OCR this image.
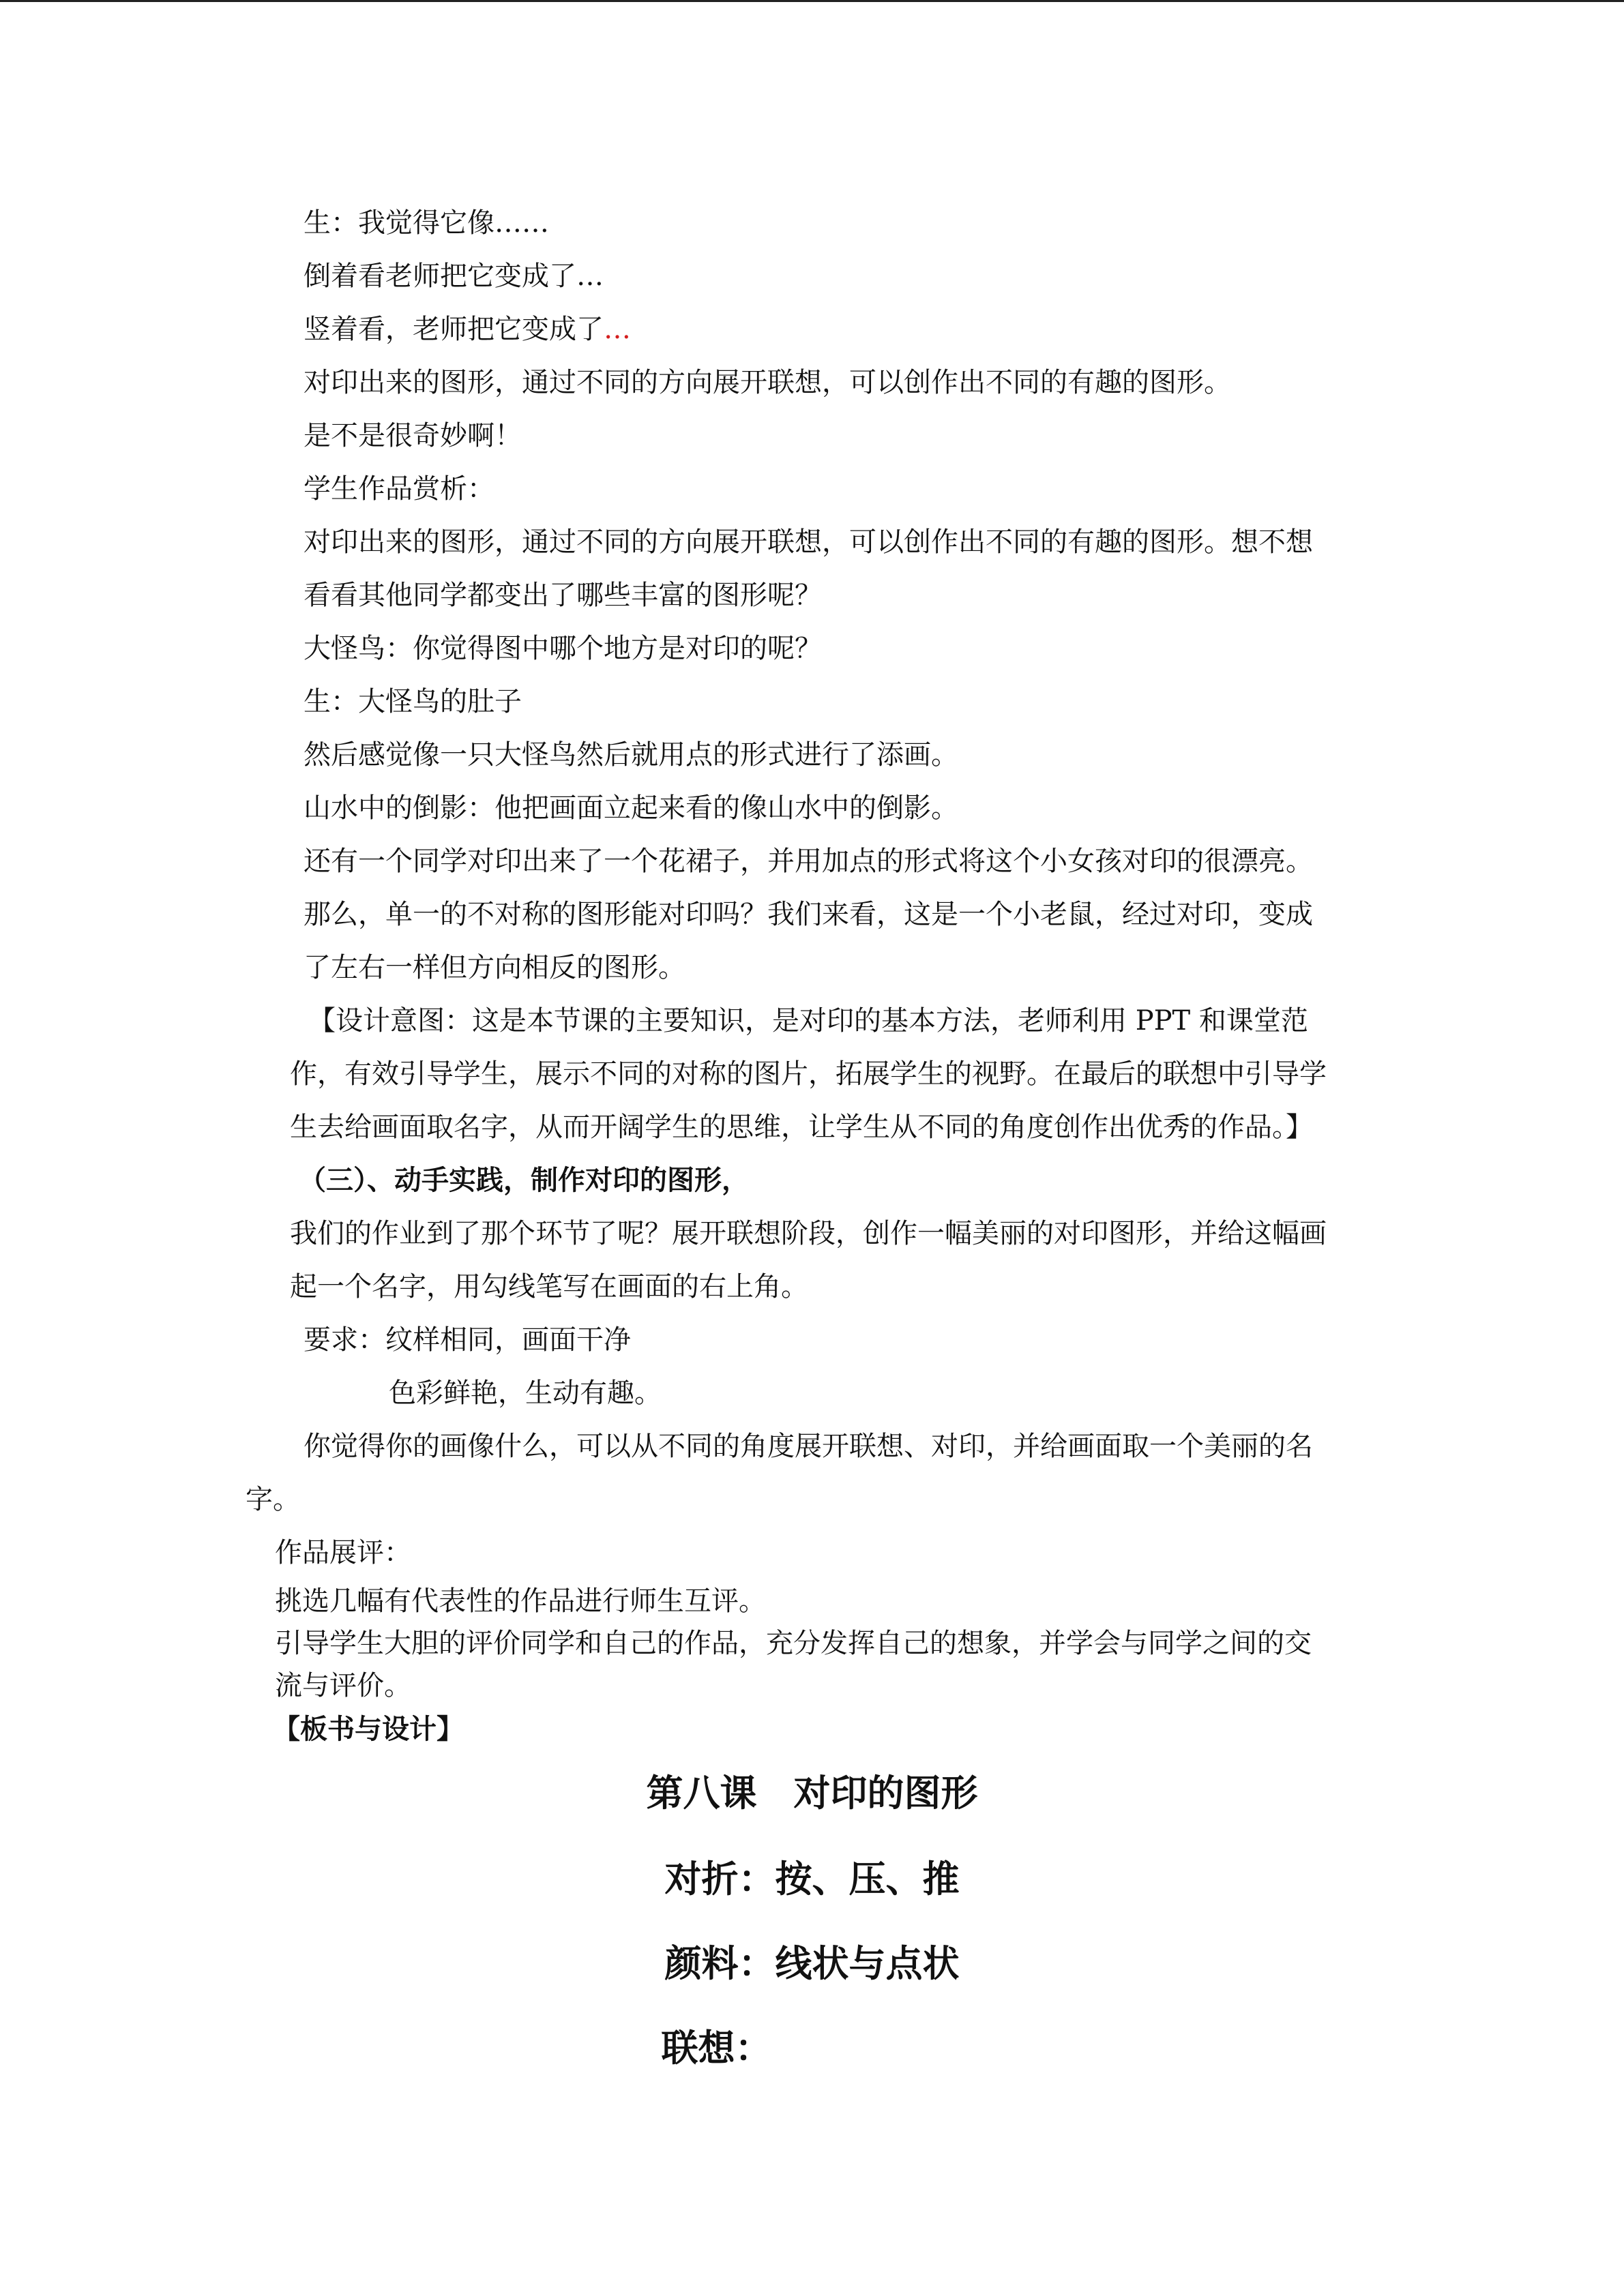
生：我觉得它像……
倒着看老师把它变成了…
竖着看，老师把它变成了…
对印出来的图形，通过不同的方向展开联想，可以创作出不同的有趣的图形。
是不是很奇妙啊！
学生作品赏析：
对印出来的图形，通过不同的方向展开联想，可以创作出不同的有趣的图形。想不想
看看其他同学都变出了哪些丰富的图形呢？
大怪鸟：你觉得图中哪个地方是对印的呢？
生：大怪鸟的肚子
然后感觉像一只大怪鸟然后就用点的形式进行了添画。
山水中的倒影：他把画面立起来看的像山水中的倒影。
还有一个同学对印出来了一个花裙子，并用加点的形式将这个小女孩对印的很漂亮。
那么，单一的不对称的图形能对印吗？我们来看，这是一个小老鼠，经过对印，变成
了左右一样但方向相反的图形。
【设计意图：这是本节课的主要知识，是对印的基本方法，老师利用 PPT 和课堂范
作，有效引导学生，展示不同的对称的图片，拓展学生的视野。在最后的联想中引导学
生去给画面取名字，从而开阔学生的思维，让学生从不同的角度创作出优秀的作品。】
（三）、动手实践，制作对印的图形，
我们的作业到了那个环节了呢？展开联想阶段，创作一幅美丽的对印图形，并给这幅画
起一个名字，用勾线笔写在画面的右上角。
要求：纹样相同，画面干净
色彩鲜艳，生动有趣。
你觉得你的画像什么，可以从不同的角度展开联想、对印，并给画面取一个美丽的名
字。
作品展评：
挑选几幅有代表性的作品进行师生互评。
引导学生大胆的评价同学和自己的作品，充分发挥自己的想象，并学会与同学之间的交
流与评价。
【板书与设计】
第八课　对印的图形
对折：按、压、推
颜料：线状与点状
联想：
